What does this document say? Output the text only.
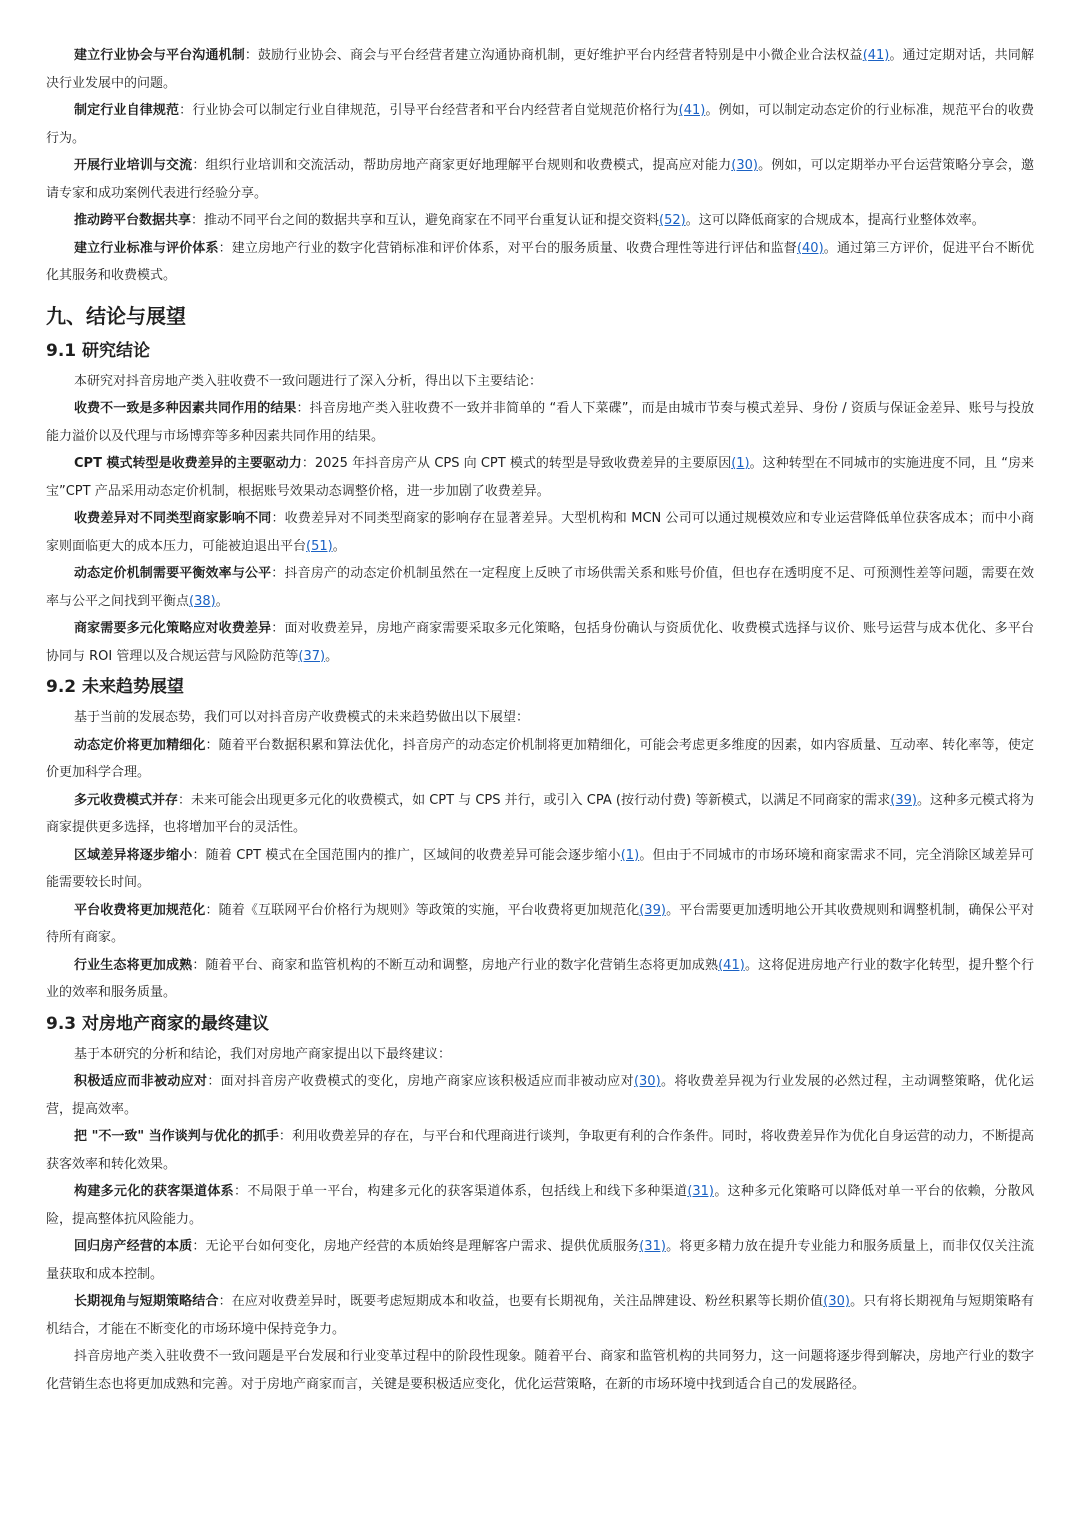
建立行业协会与平台沟通机制：鼓励行业协会、商会与平台经营者建立沟通协商机制，更好维护平台内经营者特别是中小微企业合法权益(41)。通过定期对话，共同解决行业发展中的问题。

制定行业自律规范：行业协会可以制定行业自律规范，引导平台经营者和平台内经营者自觉规范价格行为(41)。例如，可以制定动态定价的行业标准，规范平台的收费行为。

开展行业培训与交流：组织行业培训和交流活动，帮助房地产商家更好地理解平台规则和收费模式，提高应对能力(30)。例如，可以定期举办平台运营策略分享会，邀请专家和成功案例代表进行经验分享。

推动跨平台数据共享：推动不同平台之间的数据共享和互认，避免商家在不同平台重复认证和提交资料(52)。这可以降低商家的合规成本，提高行业整体效率。

建立行业标准与评价体系：建立房地产行业的数字化营销标准和评价体系，对平台的服务质量、收费合理性等进行评估和监督(40)。通过第三方评价，促进平台不断优化其服务和收费模式。

九、结论与展望
9.1 研究结论

本研究对抖音房地产类入驻收费不一致问题进行了深入分析，得出以下主要结论：

收费不一致是多种因素共同作用的结果：抖音房地产类入驻收费不一致并非简单的 “看人下菜碟”，而是由城市节奏与模式差异、身份 / 资质与保证金差异、账号与投放能力溢价以及代理与市场博弈等多种因素共同作用的结果。

CPT 模式转型是收费差异的主要驱动力：2025 年抖音房产从 CPS 向 CPT 模式的转型是导致收费差异的主要原因(1)。这种转型在不同城市的实施进度不同，且 “房来宝”CPT 产品采用动态定价机制，根据账号效果动态调整价格，进一步加剧了收费差异。

收费差异对不同类型商家影响不同：收费差异对不同类型商家的影响存在显著差异。大型机构和 MCN 公司可以通过规模效应和专业运营降低单位获客成本；而中小商家则面临更大的成本压力，可能被迫退出平台(51)。

动态定价机制需要平衡效率与公平：抖音房产的动态定价机制虽然在一定程度上反映了市场供需关系和账号价值，但也存在透明度不足、可预测性差等问题，需要在效率与公平之间找到平衡点(38)。

商家需要多元化策略应对收费差异：面对收费差异，房地产商家需要采取多元化策略，包括身份确认与资质优化、收费模式选择与议价、账号运营与成本优化、多平台协同与 ROI 管理以及合规运营与风险防范等(37)。

9.2 未来趋势展望

基于当前的发展态势，我们可以对抖音房产收费模式的未来趋势做出以下展望：

动态定价将更加精细化：随着平台数据积累和算法优化，抖音房产的动态定价机制将更加精细化，可能会考虑更多维度的因素，如内容质量、互动率、转化率等，使定价更加科学合理。

多元收费模式并存：未来可能会出现更多元化的收费模式，如 CPT 与 CPS 并行，或引入 CPA (按行动付费) 等新模式，以满足不同商家的需求(39)。这种多元模式将为商家提供更多选择，也将增加平台的灵活性。

区域差异将逐步缩小：随着 CPT 模式在全国范围内的推广，区域间的收费差异可能会逐步缩小(1)。但由于不同城市的市场环境和商家需求不同，完全消除区域差异可能需要较长时间。

平台收费将更加规范化：随着《互联网平台价格行为规则》等政策的实施，平台收费将更加规范化(39)。平台需要更加透明地公开其收费规则和调整机制，确保公平对待所有商家。

行业生态将更加成熟：随着平台、商家和监管机构的不断互动和调整，房地产行业的数字化营销生态将更加成熟(41)。这将促进房地产行业的数字化转型，提升整个行业的效率和服务质量。

9.3 对房地产商家的最终建议

基于本研究的分析和结论，我们对房地产商家提出以下最终建议：

积极适应而非被动应对：面对抖音房产收费模式的变化，房地产商家应该积极适应而非被动应对(30)。将收费差异视为行业发展的必然过程，主动调整策略，优化运营，提高效率。

把 "不一致" 当作谈判与优化的抓手：利用收费差异的存在，与平台和代理商进行谈判，争取更有利的合作条件。同时，将收费差异作为优化自身运营的动力，不断提高获客效率和转化效果。

构建多元化的获客渠道体系：不局限于单一平台，构建多元化的获客渠道体系，包括线上和线下多种渠道(31)。这种多元化策略可以降低对单一平台的依赖，分散风险，提高整体抗风险能力。

回归房产经营的本质：无论平台如何变化，房地产经营的本质始终是理解客户需求、提供优质服务(31)。将更多精力放在提升专业能力和服务质量上，而非仅仅关注流量获取和成本控制。

长期视角与短期策略结合：在应对收费差异时，既要考虑短期成本和收益，也要有长期视角，关注品牌建设、粉丝积累等长期价值(30)。只有将长期视角与短期策略有机结合，才能在不断变化的市场环境中保持竞争力。

抖音房地产类入驻收费不一致问题是平台发展和行业变革过程中的阶段性现象。随着平台、商家和监管机构的共同努力，这一问题将逐步得到解决，房地产行业的数字化营销生态也将更加成熟和完善。对于房地产商家而言，关键是要积极适应变化，优化运营策略，在新的市场环境中找到适合自己的发展路径。
